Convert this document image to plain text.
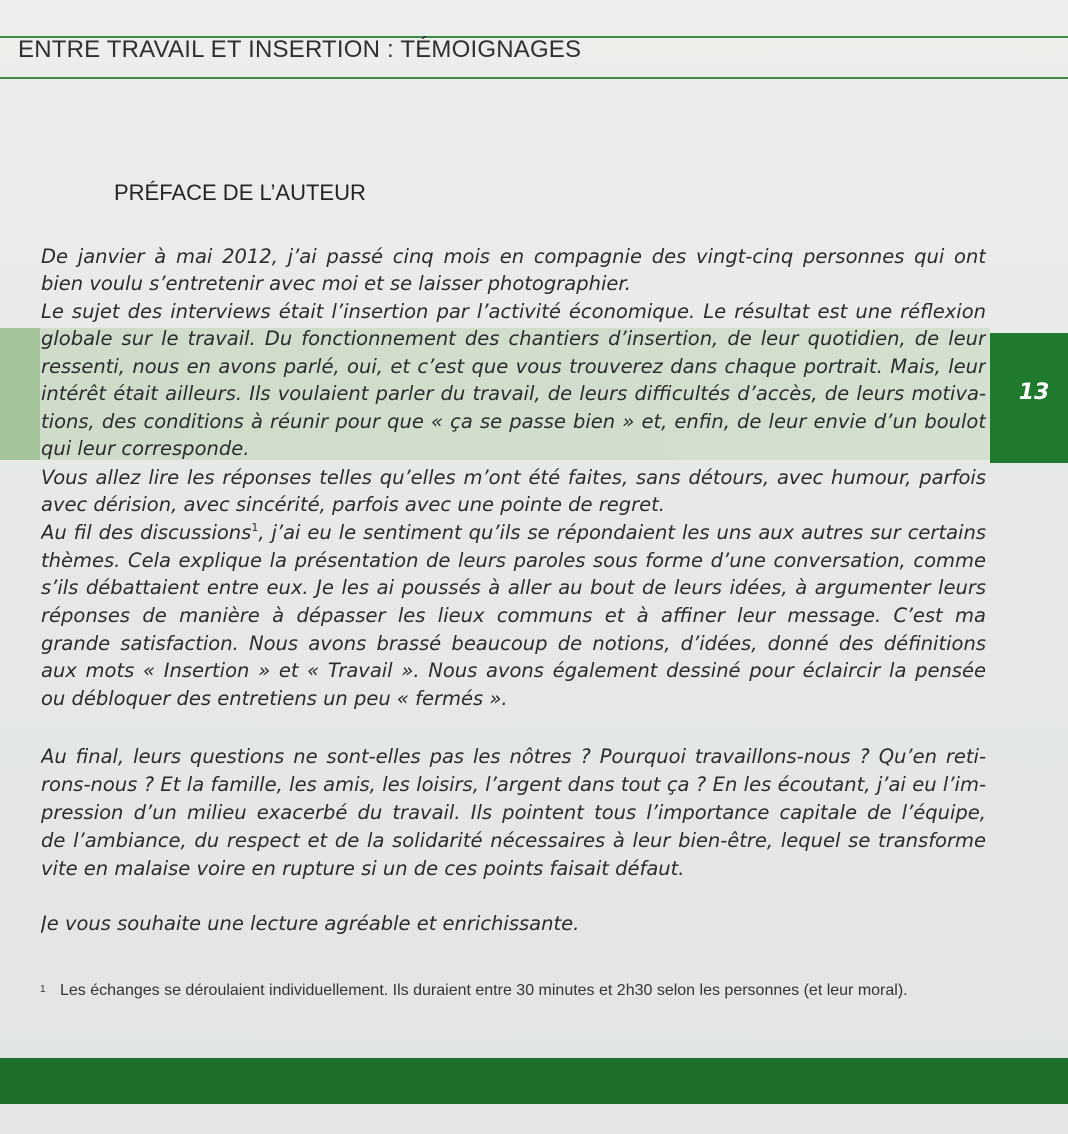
ENTRE TRAVAIL ET INSERTION : TÉMOIGNAGES
PRÉFACE DE L’AUTEUR
13
De janvier à mai 2012, j’ai passé cinq mois en compagnie des vingt-cinq personnes qui ont
bien voulu s’entretenir avec moi et se laisser photographier.
Le sujet des interviews était l’insertion par l’activité économique. Le résultat est une réflexion
globale sur le travail. Du fonctionnement des chantiers d’insertion, de leur quotidien, de leur
ressenti, nous en avons parlé, oui, et c’est que vous trouverez dans chaque portrait. Mais, leur
intérêt était ailleurs. Ils voulaient parler du travail, de leurs difficultés d’accès, de leurs motiva-
tions, des conditions à réunir pour que « ça se passe bien » et, enfin, de leur envie d’un boulot
qui leur corresponde.
Vous allez lire les réponses telles qu’elles m’ont été faites, sans détours, avec humour, parfois
avec dérision, avec sincérité, parfois avec une pointe de regret.
Au fil des discussions$^1$, j’ai eu le sentiment qu’ils se répondaient les uns aux autres sur certains
thèmes. Cela explique la présentation de leurs paroles sous forme d’une conversation, comme
s’ils débattaient entre eux. Je les ai poussés à aller au bout de leurs idées, à argumenter leurs
réponses de manière à dépasser les lieux communs et à affiner leur message. C’est ma
grande satisfaction. Nous avons brassé beaucoup de notions, d’idées, donné des définitions
aux mots « Insertion » et « Travail ». Nous avons également dessiné pour éclaircir la pensée
ou débloquer des entretiens un peu « fermés ».
Au final, leurs questions ne sont-elles pas les nôtres ? Pourquoi travaillons-nous ? Qu’en reti-
rons-nous ? Et la famille, les amis, les loisirs, l’argent dans tout ça ? En les écoutant, j’ai eu l’im-
pression d’un milieu exacerbé du travail. Ils pointent tous l’importance capitale de l’équipe,
de l’ambiance, du respect et de la solidarité nécessaires à leur bien-être, lequel se transforme
vite en malaise voire en rupture si un de ces points faisait défaut.
Je vous souhaite une lecture agréable et enrichissante.
1 Les échanges se déroulaient individuellement. Ils duraient entre 30 minutes et 2h30 selon les personnes (et leur moral).
